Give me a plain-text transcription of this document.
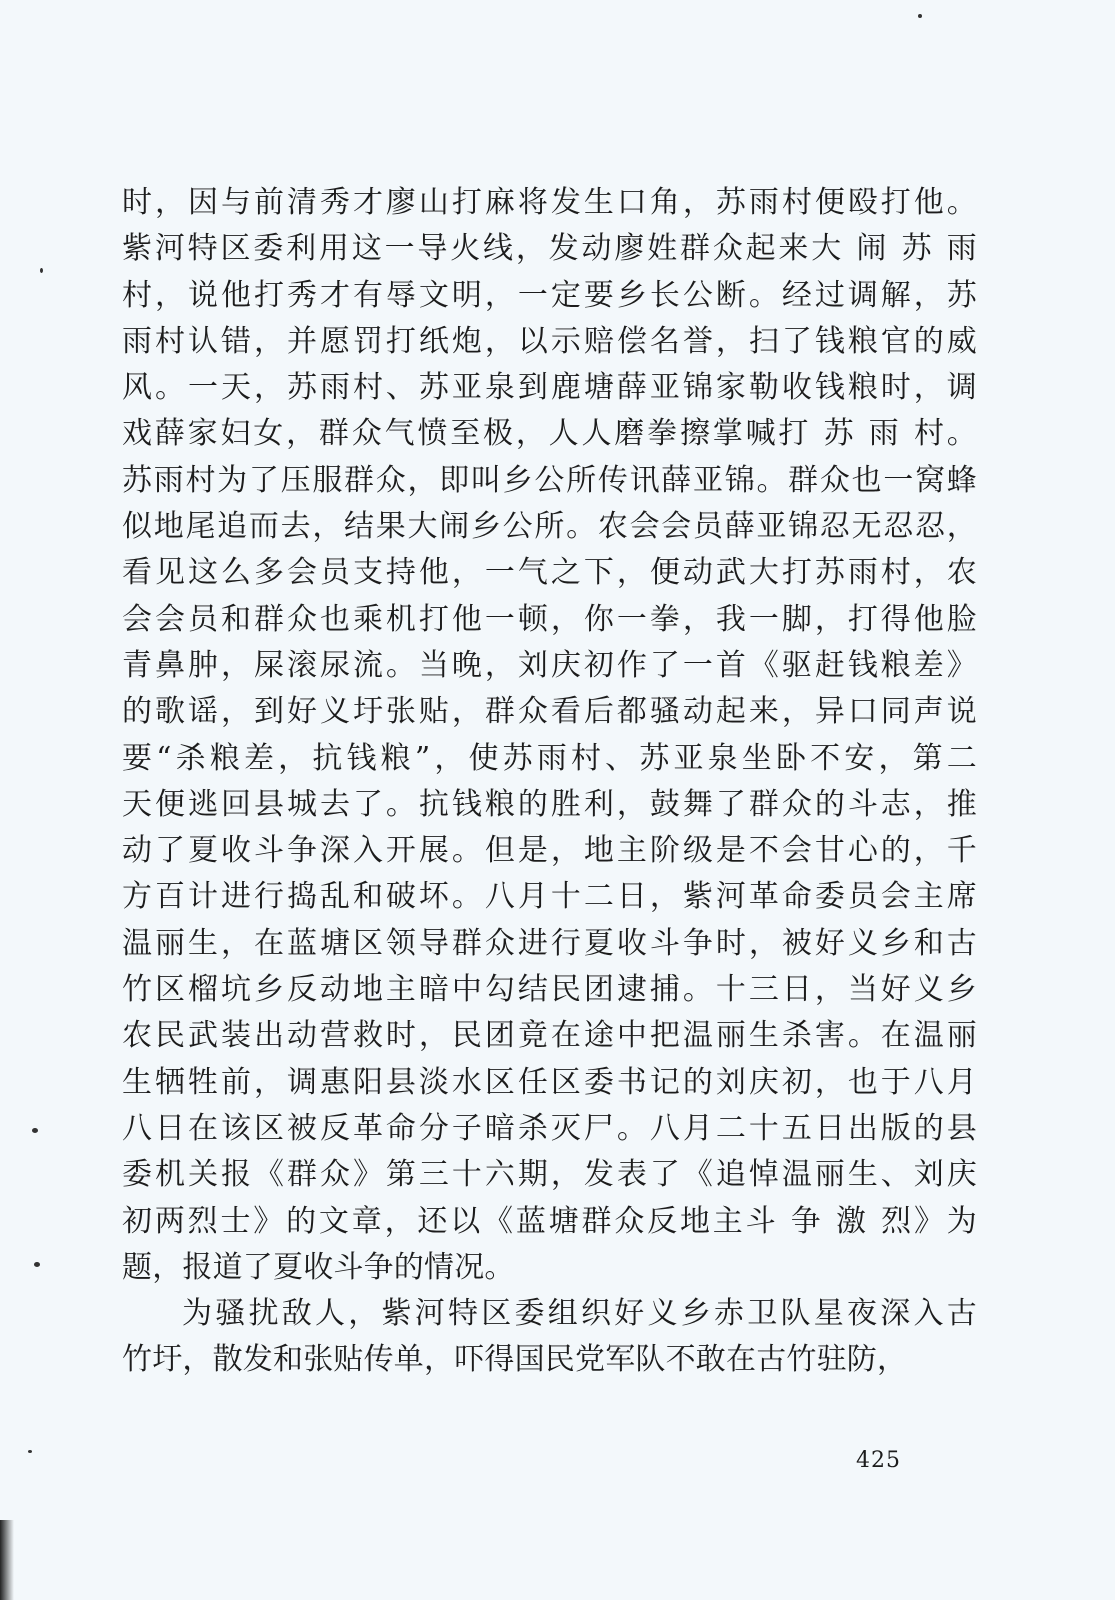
时，因与前清秀才廖山打麻将发生口角，苏雨村便殴打他。
紫河特区委利用这一导火线，发动廖姓群众起来大 闹 苏 雨
村，说他打秀才有辱文明，一定要乡长公断。经过调解，苏
雨村认错，并愿罚打纸炮，以示赔偿名誉，扫了钱粮官的威
风。一天，苏雨村、苏亚泉到鹿塘薛亚锦家勒收钱粮时，调
戏薛家妇女，群众气愤至极，人人磨拳擦掌喊打 苏 雨 村。
苏雨村为了压服群众，即叫乡公所传讯薛亚锦。群众也一窝蜂
似地尾追而去，结果大闹乡公所。农会会员薛亚锦忍无忍忍，
看见这么多会员支持他，一气之下，便动武大打苏雨村，农
会会员和群众也乘机打他一顿，你一拳，我一脚，打得他脸
青鼻肿，屎滚尿流。当晚，刘庆初作了一首《驱赶钱粮差》
的歌谣，到好义圩张贴，群众看后都骚动起来，异口同声说
要“杀粮差，抗钱粮”，使苏雨村、苏亚泉坐卧不安，第二
天便逃回县城去了。抗钱粮的胜利，鼓舞了群众的斗志，推
动了夏收斗争深入开展。但是，地主阶级是不会甘心的，千
方百计进行捣乱和破坏。八月十二日，紫河革命委员会主席
温丽生，在蓝塘区领导群众进行夏收斗争时，被好义乡和古
竹区榴坑乡反动地主暗中勾结民团逮捕。十三日，当好义乡
农民武装出动营救时，民团竟在途中把温丽生杀害。在温丽
生牺牲前，调惠阳县淡水区任区委书记的刘庆初，也于八月
八日在该区被反革命分子暗杀灭尸。八月二十五日出版的县
委机关报《群众》第三十六期，发表了《追悼温丽生、刘庆
初两烈士》的文章，还以《蓝塘群众反地主斗 争 激 烈》为
题，报道了夏收斗争的情况。
为骚扰敌人，紫河特区委组织好义乡赤卫队星夜深入古
竹圩，散发和张贴传单，吓得国民党军队不敢在古竹驻防，
425
